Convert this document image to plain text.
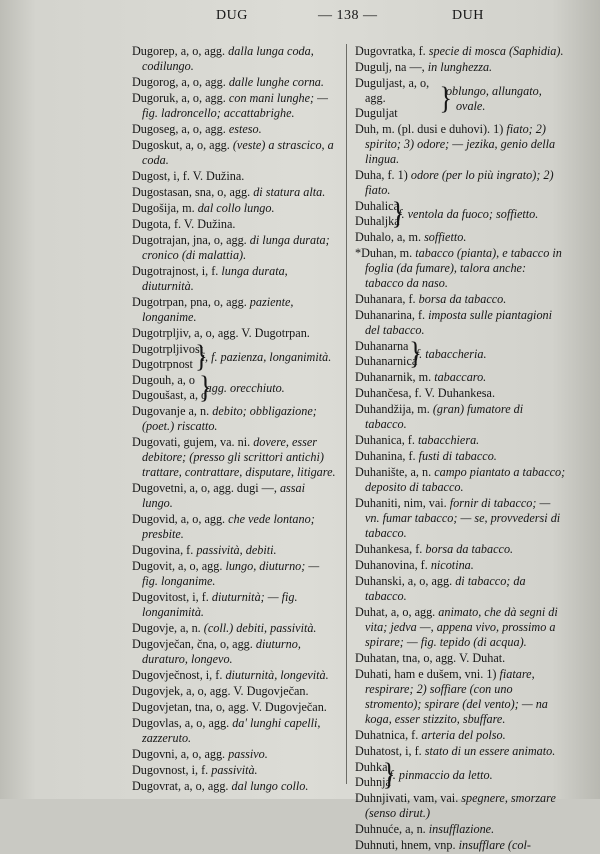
DUG	— 138 —	DUH
Dugorep, a, o, agg. dalla lunga coda, codilungo.
Dugorog, a, o, agg. dalle lunghe corna.
Dugoruk, a, o, agg. con mani lunghe; — fig. ladroncello; accattabrighe.
Dugoseg, a, o, agg. esteso.
Dugoskut, a, o, agg. (veste) a strascico, a coda.
Dugost, i, f. V. Dužina.
Dugostasan, sna, o, agg. di statura alta.
Dugošija, m. dal collo lungo.
Dugota, f. V. Dužina.
Dugotrajan, jna, o, agg. di lunga durata; cronico (di malattia).
Dugotrajnost, i, f. lunga durata, diuturnità.
Dugotrpan, pna, o, agg. paziente, longanime.
Dugotrpljiv, a, o, agg. V. Dugotrpan.
Dugotrpljivost
Dugotrpnost }
i, f. pazienza, longanimità.
Dugouh, a, o
Dugoušast, a, o
}
agg. orecchiuto.
Dugovanje a, n. debito; obbligazione; (poet.) riscatto.
Dugovati, gujem, va. ni. dovere, esser debitore; (presso gli scrittori antichi) trattare, contrattare, disputare, litigare.
Dugovetni, a, o, agg. dugi —, assai lungo.
Dugovid, a, o, agg. che vede lontano; presbite.
Dugovina, f. passività, debiti.
Dugovit, a, o, agg. lungo, diuturno; — fig. longanime.
Dugovitost, i, f. diuturnità; — fig. longanimità.
Dugovje, a, n. (coll.) debiti, passività.
Dugovječan, čna, o, agg. diuturno, duraturo, longevo.
Dugovječnost, i, f. diuturnità, longevità.
Dugovjek, a, o, agg. V. Dugovječan.
Dugovjetan, tna, o, agg. V. Dugovječan.
Dugovlas, a, o, agg. da' lunghi capelli, zazzeruto.
Dugovni, a, o, agg. passivo.
Dugovnost, i, f. passività.
Dugovrat, a, o, agg. dal lungo collo.
Dugovratka, f. specie di mosca (Saphidia).
Dugulj, na —, in lunghezza.
Duguljast, a, o, agg.
Duguljat	}
oblungo, allungato, ovale.
Duh, m. (pl. dusi e duhovi). 1) fiato; 2) spirito; 3) odore; — jezika, genio della lingua.
Duha, f. 1) odore (per lo più ingrato); 2) fiato.
Duhalica
Duhaljka
}
f. ventola da fuoco; soffietto.
Duhalo, a, m. soffietto.
*Duhan, m. tabacco (pianta), e tabacco in foglia (da fumare), talora anche: tabacco da naso.
Duhanara, f. borsa da tabacco.
Duhanarina, f. imposta sulle piantagioni del tabacco.
Duhanarna
Duhanarnica
}
f. tabaccheria.
Duhanarnik, m. tabaccaro.
Duhančesa, f. V. Duhankesa.
Duhandžija, m. (gran) fumatore di tabacco.
Duhanica, f. tabacchiera.
Duhanina, f. fusti di tabacco.
Duhanište, a, n. campo piantato a tabacco; deposito di tabacco.
Duhaniti, nim, vai. fornir di tabacco; — vn. fumar tabacco; — se, provvedersi di tabacco.
Duhankesa, f. borsa da tabacco.
Duhanovina, f. nicotina.
Duhanski, a, o, agg. di tabacco; da tabacco.
Duhat, a, o, agg. animato, che dà segni di vita; jedva —, appena vivo, prossimo a spirare; — fig. tepido (di acqua).
Duhatan, tna, o, agg. V. Duhat.
Duhati, ham e dušem, vni. 1) fiatare, respirare; 2) soffiare (con uno stromento); spirare (del vento); — na koga, esser stizzito, sbuffare.
Duhatnica, f. arteria del polso.
Duhatost, i, f. stato di un essere animato.
Duhka
Duhnja
}
f. pinmaccio da letto.
Duhnjivati, vam, vai. spegnere, smorzare (senso dirut.)
Duhnuće, a, n. insufflazione.
Duhnuti, hnem, vnp. insufflare (col-
